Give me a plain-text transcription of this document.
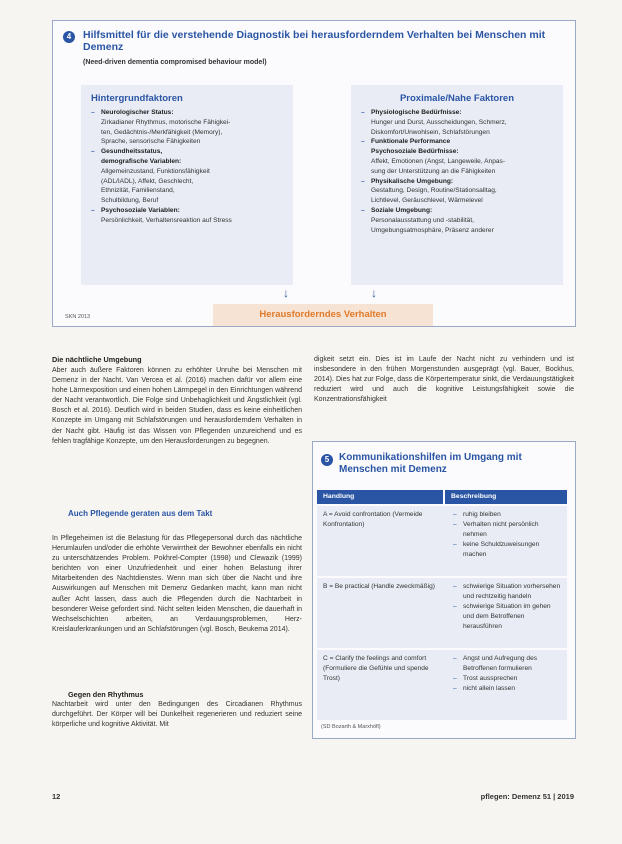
4	Hilfsmittel für die verstehende Diagnostik bei herausforderndem Verhalten bei Menschen mit Demenz
(Need-driven dementia compromised behaviour model)
Hintergrundfaktoren
– Neurologischer Status:
Zirkadianer Rhythmus, motorische Fähigkei-
ten, Gedächtnis-/Merkfähigkeit (Memory),
Sprache, sensorische Fähigkeiten
– Gesundheitsstatus,
demografische Variablen:
Allgemeinzustand, Funktionsfähigkeit
(ADL/IADL), Affekt, Geschlecht,
Ethnizität, Familienstand,
Schulbildung, Beruf
– Psychosoziale Variablen:
Persönlichkeit, Verhaltensreaktion auf Stress
Proximale/Nahe Faktoren
– Physiologische Bedürfnisse:
Hunger und Durst, Ausscheidungen, Schmerz,
Diskomfort/Unwohlsein, Schlafstörungen
– Funktionale Performance
Psychosoziale Bedürfnisse:
Affekt, Emotionen (Angst, Langeweile, Anpas-
sung der Unterstützung an die Fähigkeiten
– Physikalische Umgebung:
Gestaltung, Design, Routine/Stationsalltag,
Lichtlevel, Geräuschlevel, Wärmelevel
– Soziale Umgebung:
Personalausstattung und -stabilität,
Umgebungsatmosphäre, Präsenz anderer
↓	↓
Herausforderndes Verhalten
SKN 2013
Die nächtliche Umgebung

Aber auch äußere Faktoren können zu erhöhter Unruhe bei Menschen mit Demenz in der Nacht. Van Vercea et al. (2016) machen dafür vor allem eine hohe Lärmexposition und einen hohen Lärmpegel in den Einrichtungen während der Nacht verantwortlich. Die Folge sind Unbehaglichkeit und Ängstlichkeit (vgl. Bosch et al. 2016). Deutlich wird in beiden Studien, dass es keine einheitlichen Konzepte im Umgang mit Schlafstörungen und herausforderndem Verhalten in der Nacht gibt. Häufig ist das Wissen von Pflegenden unzureichend und es fehlen tragfähige Konzepte, um den Herausforderungen zu begegnen.

Auch Pflegende geraten aus dem Takt

In Pflegeheimen ist die Belastung für das Pflegepersonal durch das nächtliche Herumlaufen und/oder die erhöhte Verwirrtheit der Bewohner ebenfalls ein nicht zu unterschätzendes Problem. Pokhrel-Compter (1998) und Clewazik (1999) berichten von einer Unzufriedenheit und einer hohen Belastung ihrer Mitarbeitenden des Nachtdienstes. Wenn man sich über die Nacht und ihre Auswirkungen auf Menschen mit Demenz Gedanken macht, kann man nicht außer Acht lassen, dass auch die Pflegenden durch die Nachtarbeit in besonderer Weise gefordert sind. Nicht selten leiden Menschen, die dauerhaft in Wechselschichten arbeiten, an Verdauungsproblemen, Herz-Kreislauferkrankungen und an Schlafstörungen (vgl. Bosch, Beukema 2014).

Gegen den Rhythmus

Nachtarbeit wird unter den Bedingungen des Circadianen Rhythmus durchgeführt. Der Körper will bei Dunkelheit regenerieren und reduziert seine körperliche und kognitive Aktivität. Mit

digkeit setzt ein. Dies ist im Laufe der Nacht nicht zu verhindern und ist insbesondere in den frühen Morgenstunden ausgeprägt (vgl. Bauer, Bockhus, 2014). Dies hat zur Folge, dass die Körpertemperatur sinkt, die Verdauungstätigkeit reduziert wird und auch die kognitive Leistungsfähigkeit sowie die Konzentrationsfähigkeit

5 Kommunikationshilfen im Umgang mit Menschen mit Demenz
Handlung	Beschreibung
A = Avoid confrontation (Vermeide Konfrontation)
– ruhig bleiben
– Verhalten nicht persönlich nehmen
– keine Schuldzuweisungen machen
B = Be practical (Handle zweckmäßig)
–	schwierige Situation vorhersehen und rechtzeitig handeln
– schwierige Situation im gehen und dem Betroffenen herausführen
C = Clarify the feelings and comfort (Formuliere die Gefühle und spende Trost)
– Angst und Aufregung des Betroffenen formulieren
– Trost aussprechen
– nicht allein lassen
(SD Bozarth & Marxhöfl)
12	pflegen: Demenz 51 | 2019
